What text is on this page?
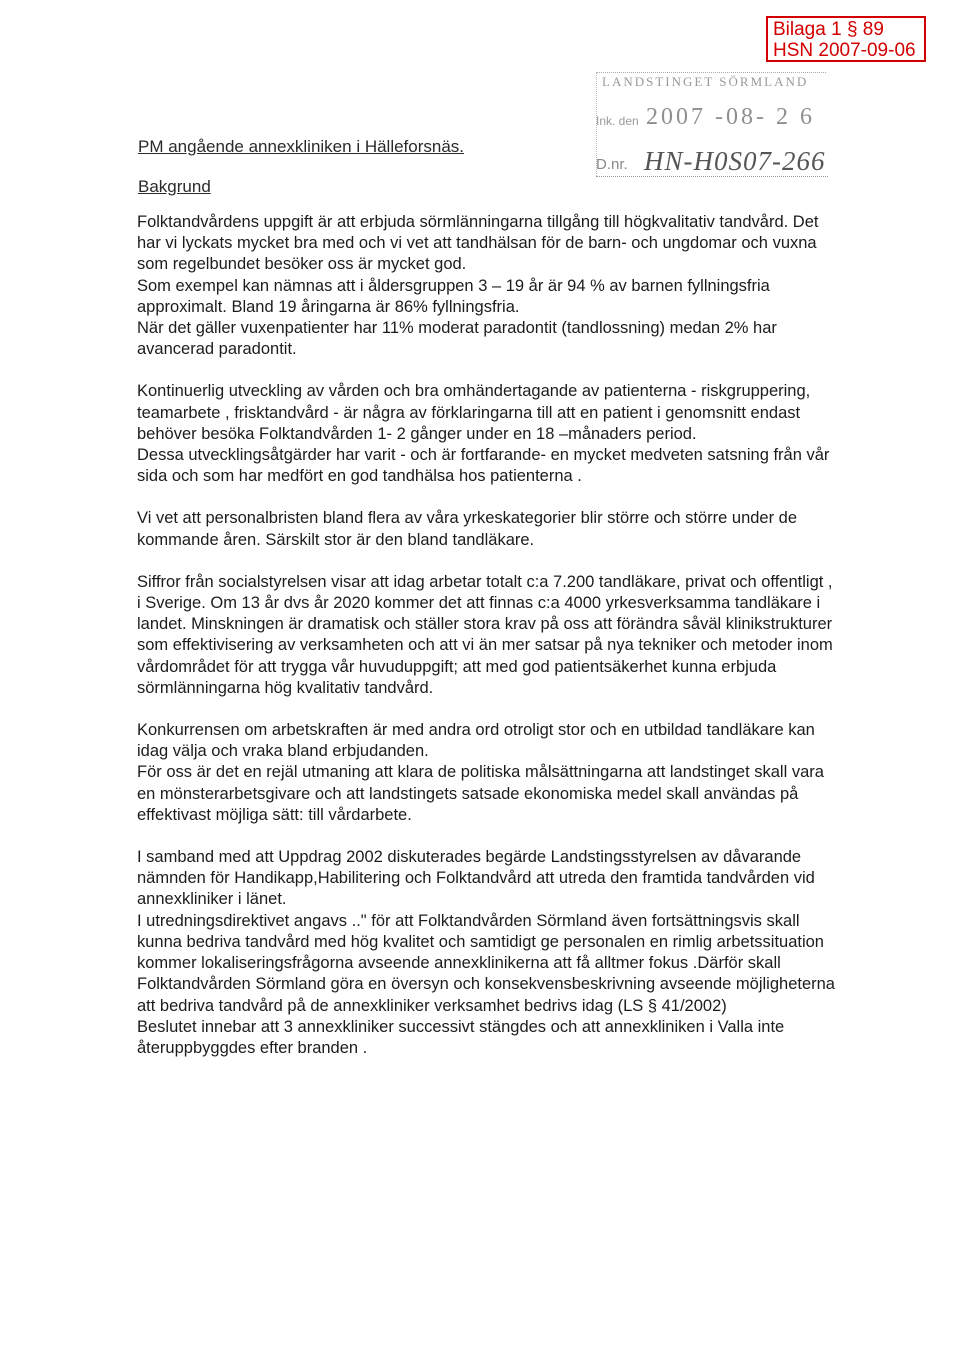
Bilaga 1 § 89
HSN 2007-09-06
LANDSTINGET SÖRMLAND
Ink. den 2007 -08- 2 6
D.nr. HN-H0S07-266
PM angående annexkliniken i Hälleforsnäs.
Bakgrund

Folktandvårdens uppgift är att erbjuda sörmlänningarna tillgång till högkvalitativ tandvård. Det har vi lyckats mycket bra med och vi vet att tandhälsan för de barn- och ungdomar och vuxna som regelbundet besöker oss är mycket god.

Som exempel kan nämnas att i åldersgruppen 3 – 19 år är 94 % av barnen fyllningsfria approximalt. Bland 19 åringarna är 86% fyllningsfria.

När det gäller vuxenpatienter har 11% moderat paradontit (tandlossning) medan 2% har avancerad paradontit.

Kontinuerlig utveckling av vården och bra omhändertagande av patienterna - riskgruppering, teamarbete , frisktandvård - är några av förklaringarna till att en patient i genomsnitt endast behöver besöka Folktandvården 1- 2 gånger under en 18 –månaders period.

Dessa utvecklingsåtgärder har varit - och är fortfarande- en mycket medveten satsning från vår sida och som har medfört en god tandhälsa hos patienterna .

Vi vet att personalbristen bland flera av våra yrkeskategorier blir större och större under de kommande åren. Särskilt stor är den bland tandläkare.

Siffror från socialstyrelsen visar att idag arbetar totalt c:a 7.200 tandläkare, privat och offentligt , i Sverige. Om 13 år dvs år 2020 kommer det att finnas c:a 4000 yrkesverksamma tandläkare i landet. Minskningen är dramatisk och ställer stora krav på oss att förändra såväl klinikstrukturer som effektivisering av verksamheten och att vi än mer satsar på nya tekniker och metoder inom vårdområdet för att trygga vår huvuduppgift; att med god patientsäkerhet kunna erbjuda sörmlänningarna hög kvalitativ tandvård.

Konkurrensen om arbetskraften är med andra ord otroligt stor och en utbildad tandläkare kan idag välja och vraka bland erbjudanden.

För oss är det en rejäl utmaning att klara de politiska målsättningarna att landstinget skall vara en mönsterarbetsgivare och att landstingets satsade ekonomiska medel skall användas på effektivast möjliga sätt: till vårdarbete.

I samband med att Uppdrag 2002 diskuterades begärde Landstingsstyrelsen av dåvarande nämnden för Handikapp,Habilitering och Folktandvård att utreda den framtida tandvården vid annexkliniker i länet.

I utredningsdirektivet angavs .." för att Folktandvården Sörmland även fortsättningsvis skall kunna bedriva tandvård med hög kvalitet och samtidigt ge personalen en rimlig arbetssituation kommer lokaliseringsfrågorna avseende annexklinikerna att få alltmer fokus .Därför skall Folktandvården Sörmland göra en översyn och konsekvensbeskrivning avseende möjligheterna att bedriva tandvård på de annexkliniker verksamhet bedrivs idag (LS § 41/2002)

Beslutet innebar att 3 annexkliniker successivt stängdes och att annexkliniken i Valla inte återuppbyggdes efter branden .
